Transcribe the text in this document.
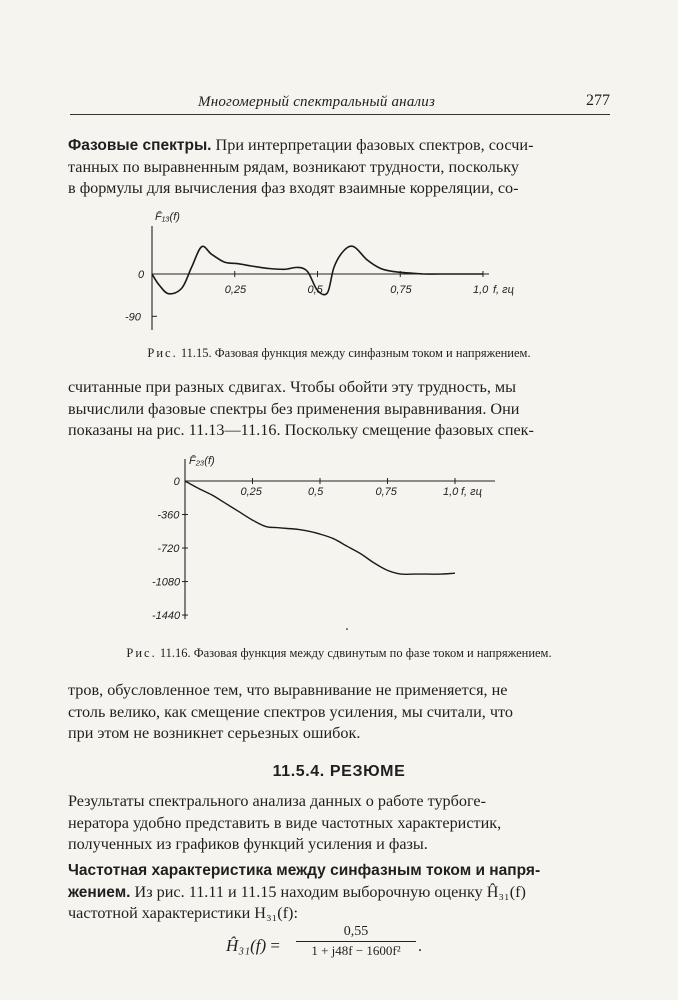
Многомерный спектральный анализ	277
Фазовые спектры. При интерпретации фазовых спектров, сосчи-
танных по выравненным рядам, возникают трудности, поскольку
в формулы для вычисления фаз входят взаимные корреляции, со-
F̄₁₃(f)
0
-90
0,25	0,5	0,75	1,0 f, гц

Рис. 11.15. Фазовая функция между синфазным током и напряжением.

считанные при разных сдвигах. Чтобы обойти эту трудность, мы
вычислили фазовые спектры без применения выравнивания. Они
показаны на рис. 11.13—11.16. Поскольку смещение фазовых спек-
F̄₂₃(f)
0
-360
-720
-1080
-1440
0,25	0,5	0,75	1,0 f, гц

Рис. 11.16. Фазовая функция между сдвинутым по фазе током и напряжением.

тров, обусловленное тем, что выравнивание не применяется, не
столь велико, как смещение спектров усиления, мы считали, что
при этом не возникнет серьезных ошибок.
11.5.4. РЕЗЮМЕ
Результаты спектрального анализа данных о работе турбоге-
нератора удобно представить в виде частотных характеристик,
полученных из графиков функций усиления и фазы.
Частотная характеристика между синфазным током и напря-
жением. Из рис. 11.11 и 11.15 находим выборочную оценку Ĥ₃₁(f)
частотной характеристики H₃₁(f):
Ĥ₃₁(f) = $\frac{0,55}{\text{1 + j48f − 1600f²}}$ .
